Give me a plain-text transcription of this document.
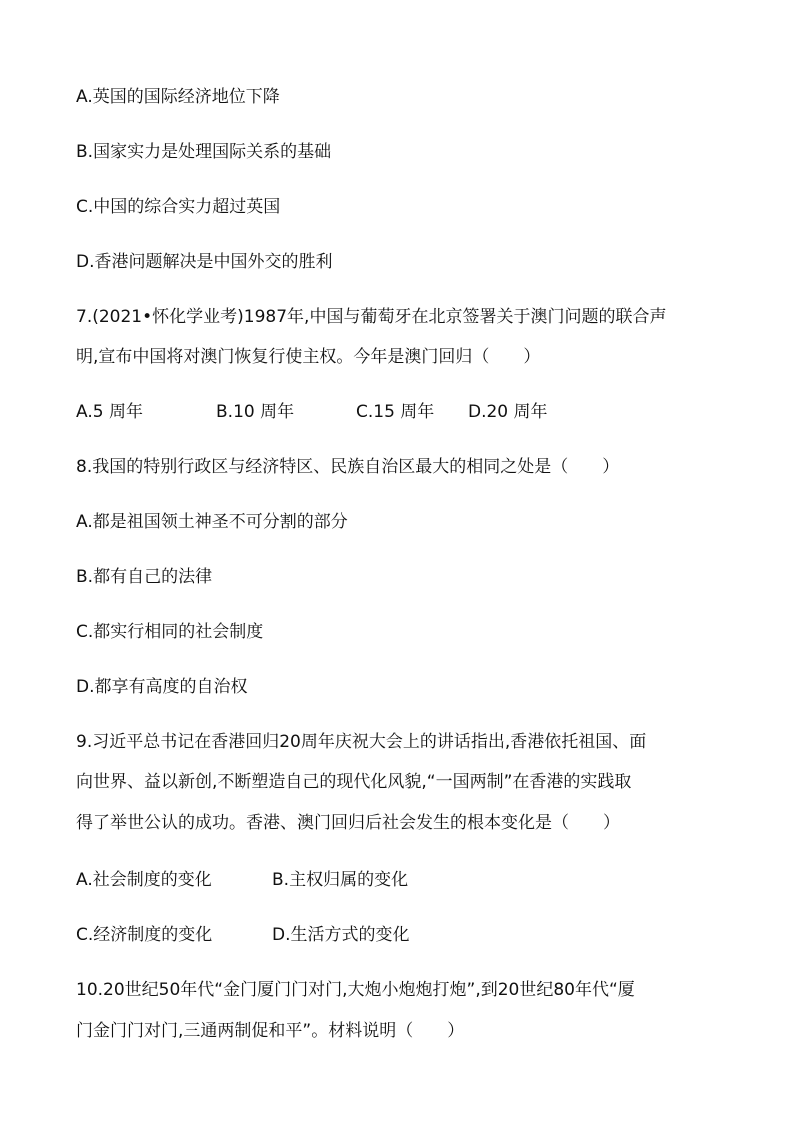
A.英国的国际经济地位下降
B.国家实力是处理国际关系的基础
C.中国的综合实力超过英国
D.香港问题解决是中国外交的胜利
7.(2021•怀化学业考)1987年,中国与葡萄牙在北京签署关于澳门问题的联合声
明,宣布中国将对澳门恢复行使主权。今年是澳门回归（　　）
A.5 周年	B.10 周年	C.15 周年 D.20 周年
8.我国的特别行政区与经济特区、民族自治区最大的相同之处是（　　）
A.都是祖国领土神圣不可分割的部分
B.都有自己的法律
C.都实行相同的社会制度
D.都享有高度的自治权
9.习近平总书记在香港回归20周年庆祝大会上的讲话指出,香港依托祖国、面
向世界、益以新创,不断塑造自己的现代化风貌,“一国两制”在香港的实践取
得了举世公认的成功。香港、澳门回归后社会发生的根本变化是（　　）
A.社会制度的变化	B.主权归属的变化
C.经济制度的变化	D.生活方式的变化
10.20世纪50年代“金门厦门门对门,大炮小炮炮打炮”,到20世纪80年代“厦
门金门门对门,三通两制促和平”。材料说明（　　）
